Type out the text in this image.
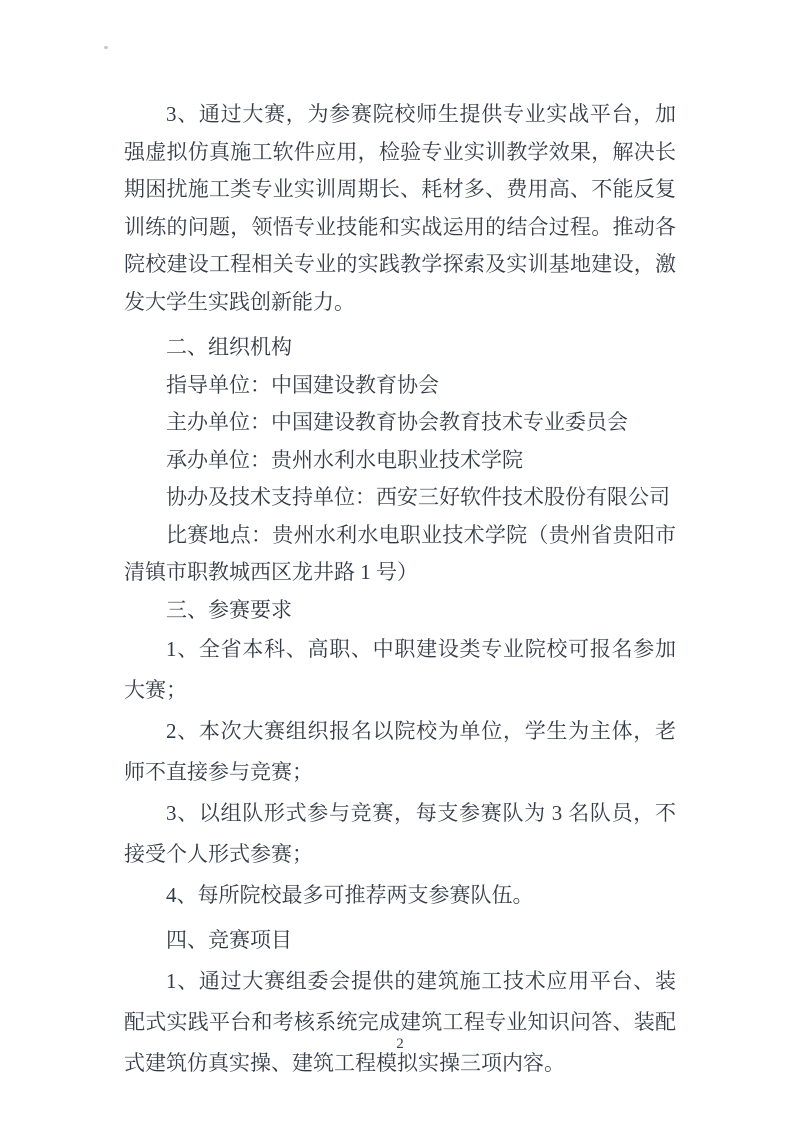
3、通过大赛，为参赛院校师生提供专业实战平台，加强虚拟仿真施工软件应用，检验专业实训教学效果，解决长期困扰施工类专业实训周期长、耗材多、费用高、不能反复训练的问题，领悟专业技能和实战运用的结合过程。推动各院校建设工程相关专业的实践教学探索及实训基地建设，激发大学生实践创新能力。

二、组织机构

指导单位：中国建设教育协会

主办单位：中国建设教育协会教育技术专业委员会

承办单位：贵州水利水电职业技术学院

协办及技术支持单位：西安三好软件技术股份有限公司

比赛地点：贵州水利水电职业技术学院（贵州省贵阳市清镇市职教城西区龙井路 1 号）

三、参赛要求

1、全省本科、高职、中职建设类专业院校可报名参加大赛；

2、本次大赛组织报名以院校为单位，学生为主体，老师不直接参与竞赛；

3、以组队形式参与竞赛，每支参赛队为 3 名队员，不接受个人形式参赛；

4、每所院校最多可推荐两支参赛队伍。

四、竞赛项目

1、通过大赛组委会提供的建筑施工技术应用平台、装配式实践平台和考核系统完成建筑工程专业知识问答、装配式建筑仿真实操、建筑工程模拟实操三项内容。

2
